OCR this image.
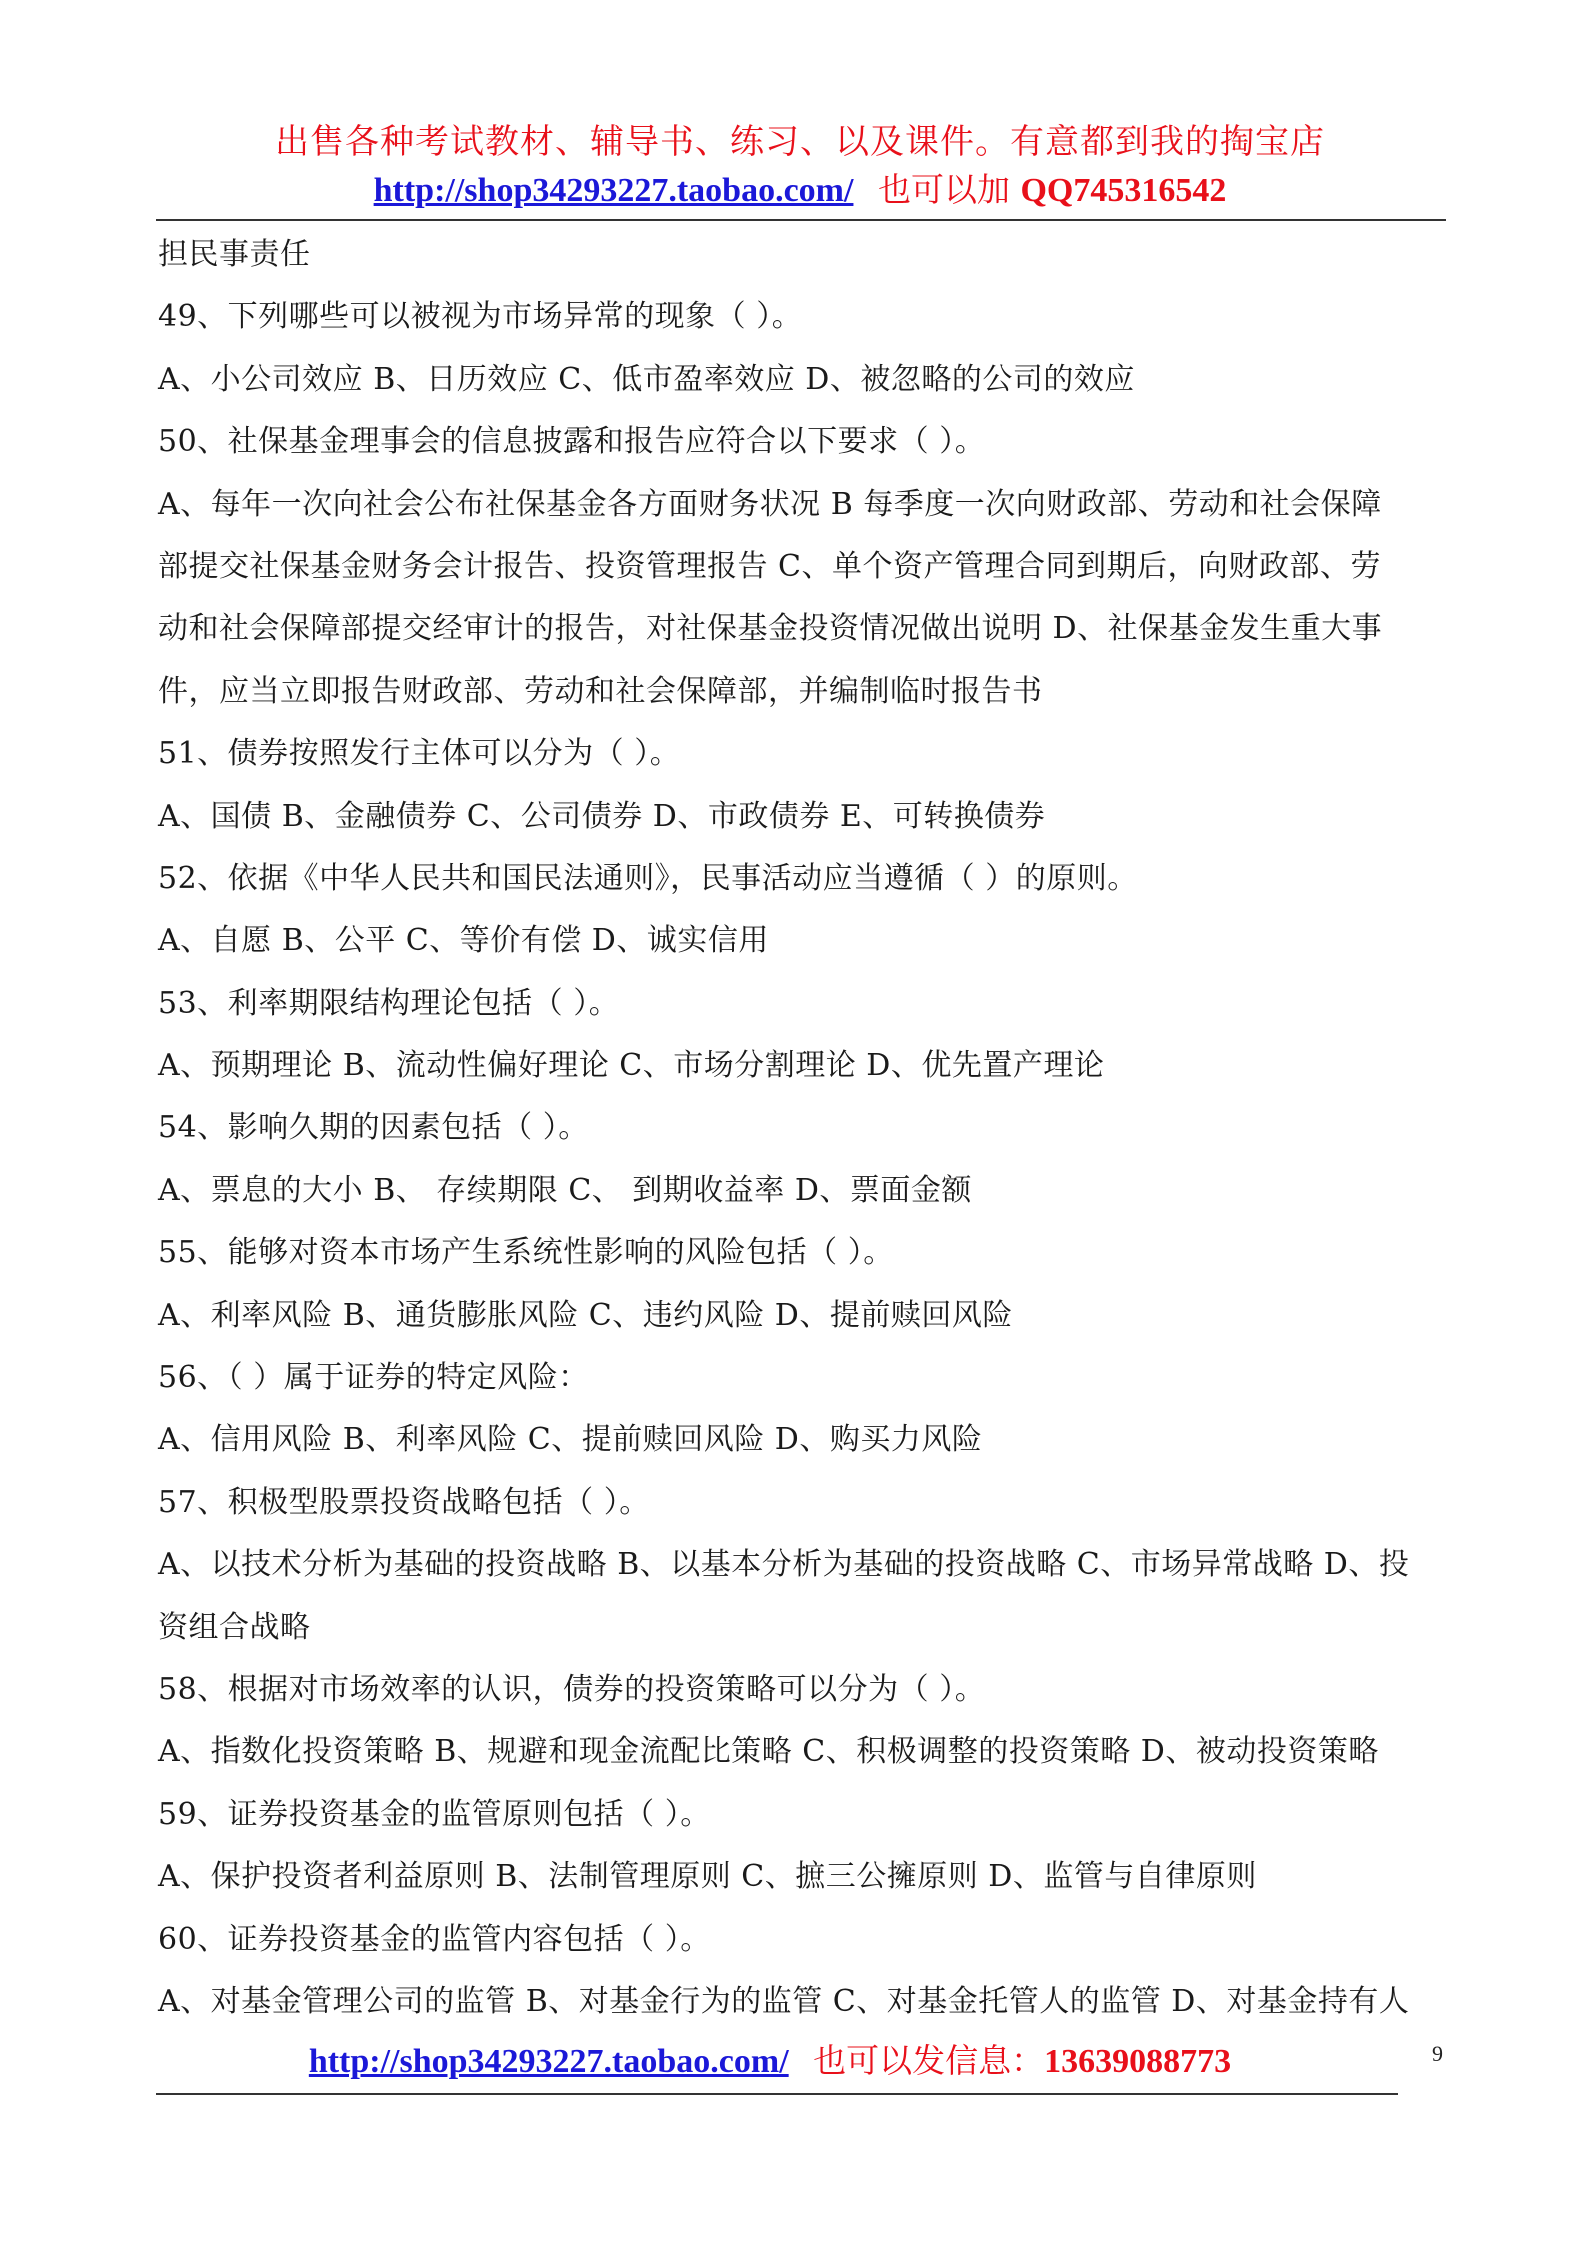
出售各种考试教材、辅导书、练习、以及课件。有意都到我的掏宝店
http://shop34293227.taobao.com/ 也可以加 QQ745316542
担民事责任
49、下列哪些可以被视为市场异常的现象（ ）。
A、小公司效应 B、日历效应 C、低市盈率效应 D、被忽略的公司的效应
50、社保基金理事会的信息披露和报告应符合以下要求（ ）。
A、每年一次向社会公布社保基金各方面财务状况 B 每季度一次向财政部、劳动和社会保障
部提交社保基金财务会计报告、投资管理报告 C、单个资产管理合同到期后，向财政部、劳
动和社会保障部提交经审计的报告，对社保基金投资情况做出说明 D、社保基金发生重大事
件，应当立即报告财政部、劳动和社会保障部，并编制临时报告书
51、债券按照发行主体可以分为（ ）。
A、国债 B、金融债券 C、公司债券 D、市政债券 E、可转换债券
52、依据《中华人民共和国民法通则》，民事活动应当遵循（ ）的原则。
A、自愿 B、公平 C、等价有偿 D、诚实信用
53、利率期限结构理论包括（ ）。
A、预期理论 B、流动性偏好理论 C、市场分割理论 D、优先置产理论
54、影响久期的因素包括（ ）。
A、票息的大小 B、 存续期限 C、 到期收益率 D、票面金额
55、能够对资本市场产生系统性影响的风险包括（ ）。
A、利率风险 B、通货膨胀风险 C、违约风险 D、提前赎回风险
56、（ ）属于证券的特定风险：
A、信用风险 B、利率风险 C、提前赎回风险 D、购买力风险
57、积极型股票投资战略包括（ ）。
A、以技术分析为基础的投资战略 B、以基本分析为基础的投资战略 C、市场异常战略 D、投
资组合战略
58、根据对市场效率的认识，债券的投资策略可以分为（ ）。
A、指数化投资策略 B、规避和现金流配比策略 C、积极调整的投资策略 D、被动投资策略
59、证券投资基金的监管原则包括（ ）。
A、保护投资者利益原则 B、法制管理原则 C、摭三公擁原则 D、监管与自律原则
60、证券投资基金的监管内容包括（ ）。
A、对基金管理公司的监管 B、对基金行为的监管 C、对基金托管人的监管 D、对基金持有人
http://shop34293227.taobao.com/ 也可以发信息：13639088773	9
